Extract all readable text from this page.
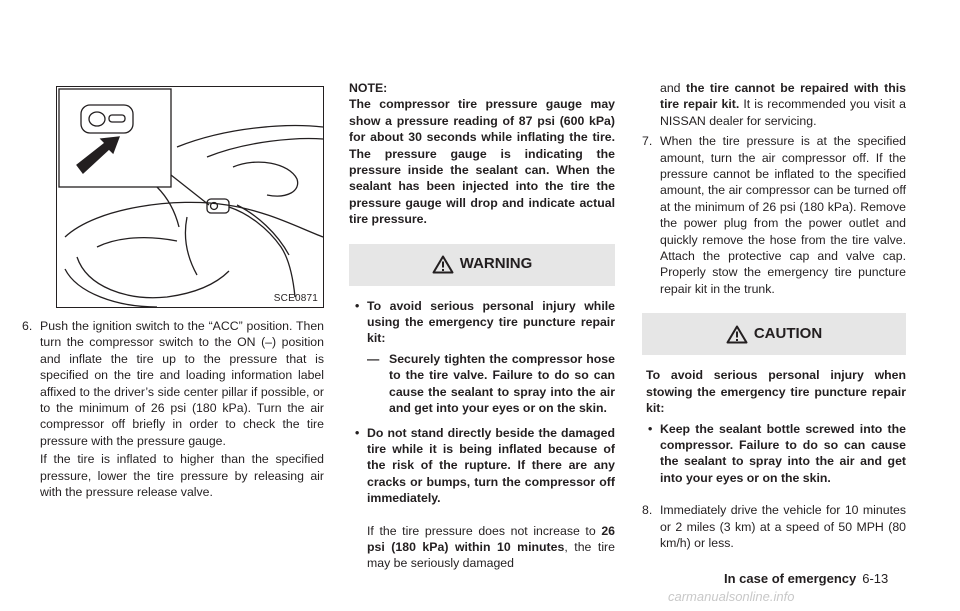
SCE0871
6. Push the ignition switch to the “ACC” position. Then turn the compressor switch to the ON (–) position and inflate the tire up to the pressure that is specified on the tire and loading information label affixed to the driver’s side center pillar if possible, or to the minimum of 26 psi (180 kPa). Turn the air compressor off briefly in order to check the tire pressure with the pressure gauge.

If the tire is inflated to higher than the specified pressure, lower the tire pressure by releasing air with the pressure release valve.

NOTE:

The compressor tire pressure gauge may show a pressure reading of 87 psi (600 kPa) for about 30 seconds while inflating the tire. The pressure gauge is indicating the pressure inside the sealant can. When the sealant has been injected into the tire the pressure gauge will drop and indicate actual tire pressure.

WARNING
• To avoid serious personal injury while using the emergency tire puncture repair kit:

— Securely tighten the compressor hose to the tire valve. Failure to do so can cause the sealant to spray into the air and get into your eyes or on the skin.

• Do not stand directly beside the damaged tire while it is being inflated because of the risk of the rupture. If there are any cracks or bumps, turn the compressor off immediately.

If the tire pressure does not increase to 26 psi (180 kPa) within 10 minutes, the tire may be seriously damaged

and the tire cannot be repaired with this tire repair kit. It is recommended you visit a NISSAN dealer for servicing.

7. When the tire pressure is at the specified amount, turn the air compressor off. If the pressure cannot be inflated to the specified amount, the air compressor can be turned off at the minimum of 26 psi (180 kPa). Remove the power plug from the power outlet and quickly remove the hose from the tire valve. Attach the protective cap and valve cap. Properly stow the emergency tire puncture repair kit in the trunk.

CAUTION

To avoid serious personal injury when stowing the emergency tire puncture repair kit:

• Keep the sealant bottle screwed into the compressor. Failure to do so can cause the sealant to spray into the air and get into your eyes or on the skin.

8. Immediately drive the vehicle for 10 minutes or 2 miles (3 km) at a speed of 50 MPH (80 km/h) or less.

In case of emergency 6-13
carmanualsonline.info
